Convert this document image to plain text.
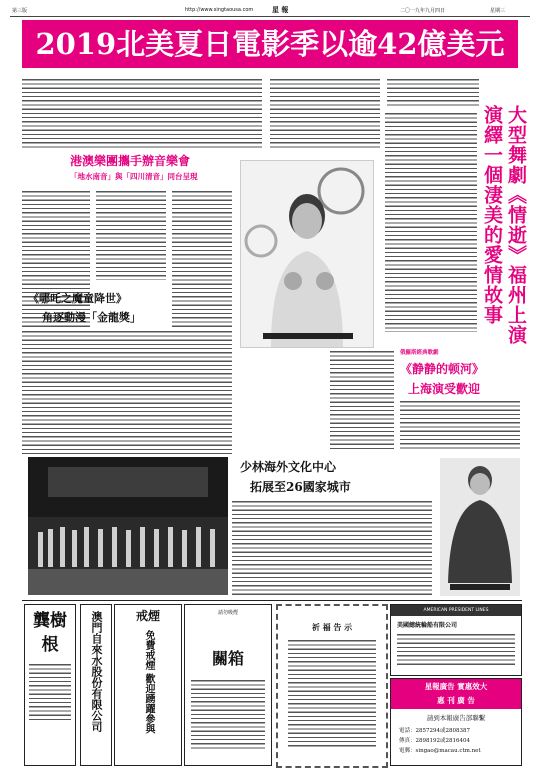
第三版	http://www.singtaousa.com	星 報	二〇一九年九月四日	星期三
2019北美夏日電影季以逾42億美元
港澳樂團攜手辦音樂會
「地水南音」與「四川清音」同台呈現
《哪吒之魔童降世》
角逐動漫「金龍獎」	大型舞劇《情逝》福州上演 演繹一個淒美的愛情故事
俄羅斯經典歌劇
《静静的顿河》
上海演受歡迎
少林海外文化中心
拓展至26國家城市
龔樹根	澳門自來水股份有限公司	戒煙
免費戒煙 歡迎踴躍參與
請勿吸煙
關箱
祈 福 告 示
AMERICAN PRESIDENT LINES
美國總統輪船有限公司
星報廣告 實惠效大
惠 刊 廣 告
請到本報廣告部聯繫
電話：2857294或2808387
傳真：2898192或2816404
電郵：singao@macau.ctm.net
